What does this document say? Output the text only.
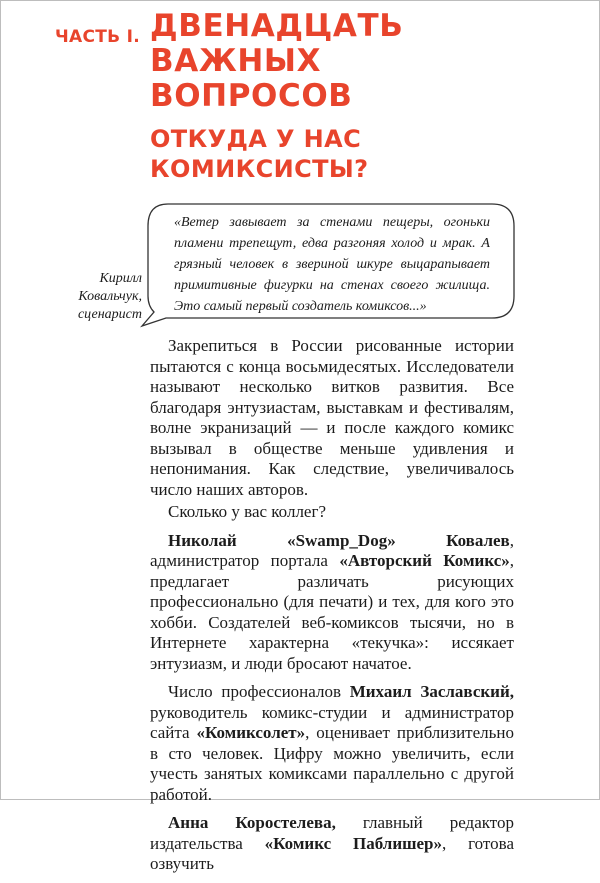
ЧАСТЬ I. ДВЕНАДЦАТЬ
ВАЖНЫХ
ВОПРОСОВ
ОТКУДА У НАС
КОМИКСИСТЫ?
Кирилл
Ковальчук,
сценарист
«Ветер завывает за стенами пещеры, огоньки пламени трепещут, едва разгоняя холод и мрак. А грязный человек в звериной шкуре выцарапывает примитивные фигурки на стенах своего жилища. Это самый первый создатель комиксов...»

Закрепиться в России рисованные истории пытаются с конца восьмидесятых. Исследователи называют несколько витков развития. Все благодаря энтузиастам, выставкам и фестивалям, волне экранизаций — и после каждого комикс вызывал в обществе меньше удивления и непонимания. Как следствие, увеличивалось число наших авторов.

Сколько у вас коллег?

Николай «Swamp_Dog» Ковалев, администратор портала «Авторский Комикс», предлагает различать рисующих профессионально (для печати) и тех, для кого это хобби. Создателей веб-комиксов тысячи, но в Интернете характерна «текучка»: иссякает энтузиазм, и люди бросают начатое.

Число профессионалов Михаил Заславский, руководитель комикс-студии и администратор сайта «Комиксолет», оценивает приблизительно в сто человек. Цифру можно увеличить, если учесть занятых комиксами параллельно с другой работой.

Анна Коростелева, главный редактор издательства «Комикс Паблишер», готова озвучить
